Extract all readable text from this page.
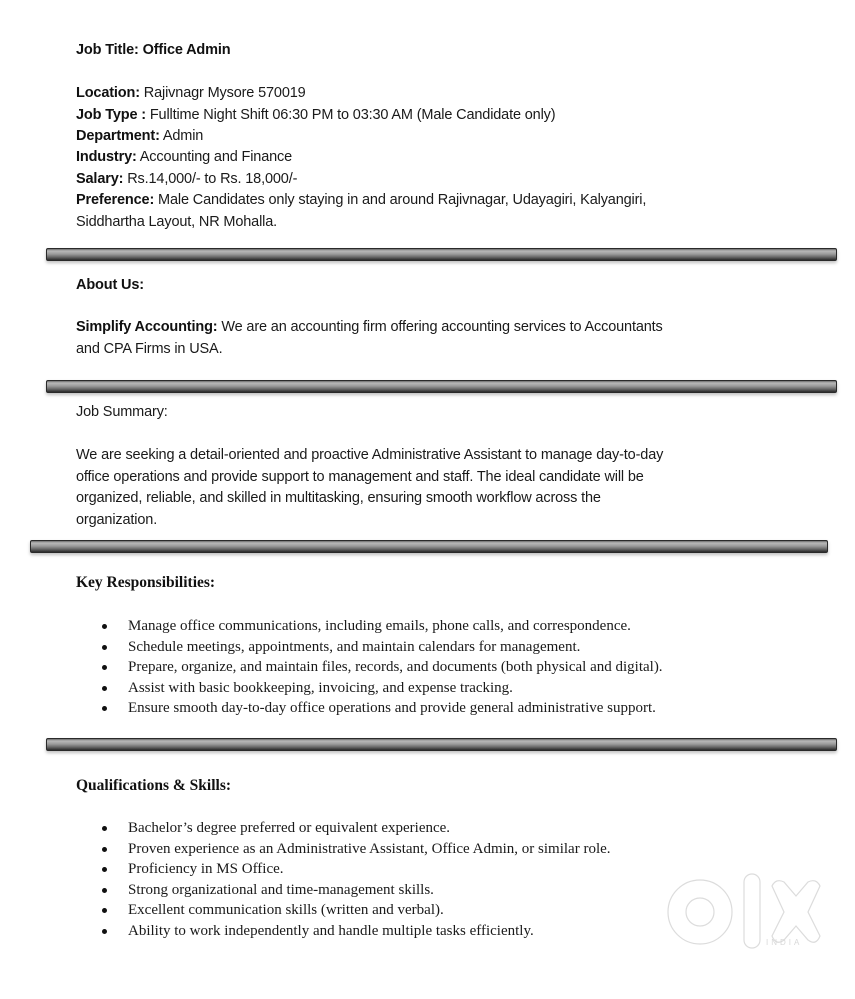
Job Title: Office Admin
Location: Rajivnagr Mysore 570019
Job Type : Fulltime Night Shift 06:30 PM to 03:30 AM (Male Candidate only)
Department: Admin
Industry: Accounting and Finance
Salary: Rs.14,000/- to Rs. 18,000/-
Preference: Male Candidates only staying in and around Rajivnagar, Udayagiri, Kalyangiri,
Siddhartha Layout, NR Mohalla.
About Us:
Simplify Accounting: We are an accounting firm offering accounting services to Accountants
and CPA Firms in USA.
Job Summary:
We are seeking a detail-oriented and proactive Administrative Assistant to manage day-to-day
office operations and provide support to management and staff. The ideal candidate will be
organized, reliable, and skilled in multitasking, ensuring smooth workflow across the
organization.
Key Responsibilities:
Manage office communications, including emails, phone calls, and correspondence.
Schedule meetings, appointments, and maintain calendars for management.
Prepare, organize, and maintain files, records, and documents (both physical and digital).
Assist with basic bookkeeping, invoicing, and expense tracking.
Ensure smooth day-to-day office operations and provide general administrative support.
Qualifications & Skills:
Bachelor’s degree preferred or equivalent experience.
Proven experience as an Administrative Assistant, Office Admin, or similar role.
Proficiency in MS Office.
Strong organizational and time-management skills.
Excellent communication skills (written and verbal).
Ability to work independently and handle multiple tasks efficiently.
INDIA
